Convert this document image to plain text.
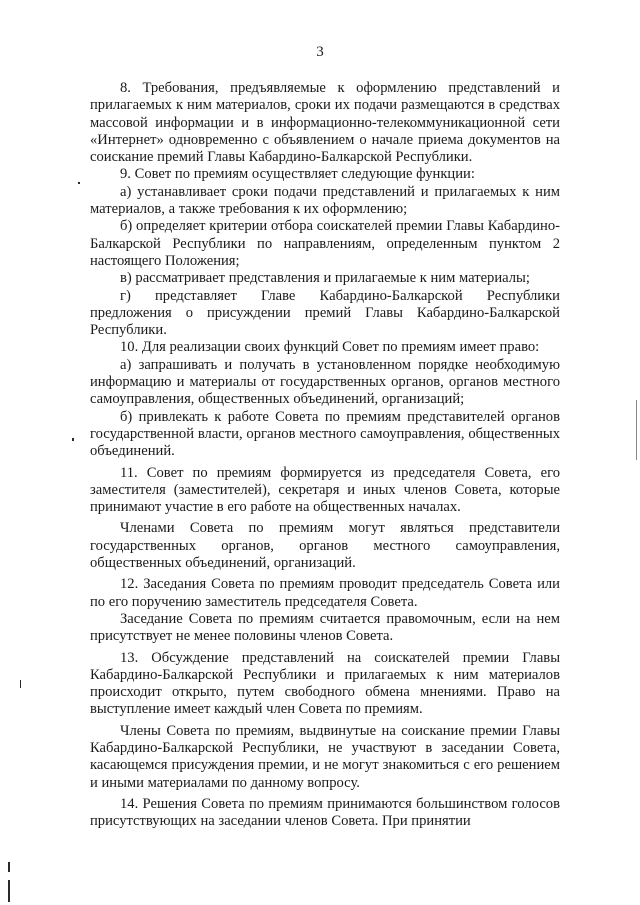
3

8. Требования, предъявляемые к оформлению представлений и прилагаемых к ним материалов, сроки их подачи размещаются в средствах массовой информации и в информационно-телекоммуникационной сети «Интернет» одновременно с объявлением о начале приема документов на соискание премий Главы Кабардино-Балкарской Республики.

9. Совет по премиям осуществляет следующие функции:

а) устанавливает сроки подачи представлений и прилагаемых к ним материалов, а также требования к их оформлению;

б) определяет критерии отбора соискателей премии Главы Кабардино-Балкарской Республики по направлениям, определенным пунктом 2 настоящего Положения;

в) рассматривает представления и прилагаемые к ним материалы;

г) представляет Главе Кабардино-Балкарской Республики предложения о присуждении премий Главы Кабардино-Балкарской Республики.

10. Для реализации своих функций Совет по премиям имеет право:

а) запрашивать и получать в установленном порядке необходимую информацию и материалы от государственных органов, органов местного самоуправления, общественных объединений, организаций;

б) привлекать к работе Совета по премиям представителей органов государственной власти, органов местного самоуправления, общественных объединений.

11. Совет по премиям формируется из председателя Совета, его заместителя (заместителей), секретаря и иных членов Совета, которые принимают участие в его работе на общественных началах.

Членами Совета по премиям могут являться представители государственных органов, органов местного самоуправления, общественных объединений, организаций.

12. Заседания Совета по премиям проводит председатель Совета или по его поручению заместитель председателя Совета.

Заседание Совета по премиям считается правомочным, если на нем присутствует не менее половины членов Совета.

13. Обсуждение представлений на соискателей премии Главы Кабардино-Балкарской Республики и прилагаемых к ним материалов происходит открыто, путем свободного обмена мнениями. Право на выступление имеет каждый член Совета по премиям.

Члены Совета по премиям, выдвинутые на соискание премии Главы Кабардино-Балкарской Республики, не участвуют в заседании Совета, касающемся присуждения премии, и не могут знакомиться с его решением и иными материалами по данному вопросу.

14. Решения Совета по премиям принимаются большинством голосов присутствующих на заседании членов Совета. При принятии
